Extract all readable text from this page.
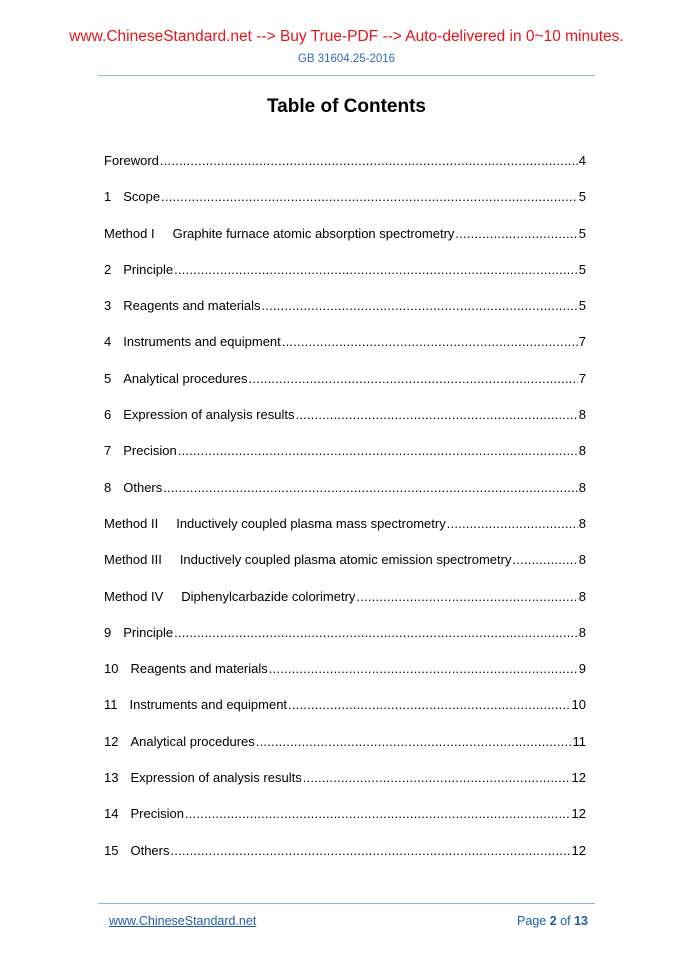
www.ChineseStandard.net --> Buy True-PDF --> Auto-delivered in 0~10 minutes.
GB 31604.25-2016
Table of Contents
Foreword .....	4
1 Scope .....	5
Method I Graphite furnace atomic absorption spectrometry .....	5
2 Principle .....	5
3 Reagents and materials .....	5
4 Instruments and equipment .....	7
5 Analytical procedures .....	7
6 Expression of analysis results .....	8
7 Precision .....	8
8 Others .....	8
Method II Inductively coupled plasma mass spectrometry .....	8
Method III Inductively coupled plasma atomic emission spectrometry .....	8
Method IV Diphenylcarbazide colorimetry .....	8
9 Principle .....	8
10 Reagents and materials .....	9
11 Instruments and equipment .....	10
12 Analytical procedures .....	11
13 Expression of analysis results .....	12
14 Precision .....	12
15 Others .....	12
www.ChineseStandard.net	Page 2 of 13
